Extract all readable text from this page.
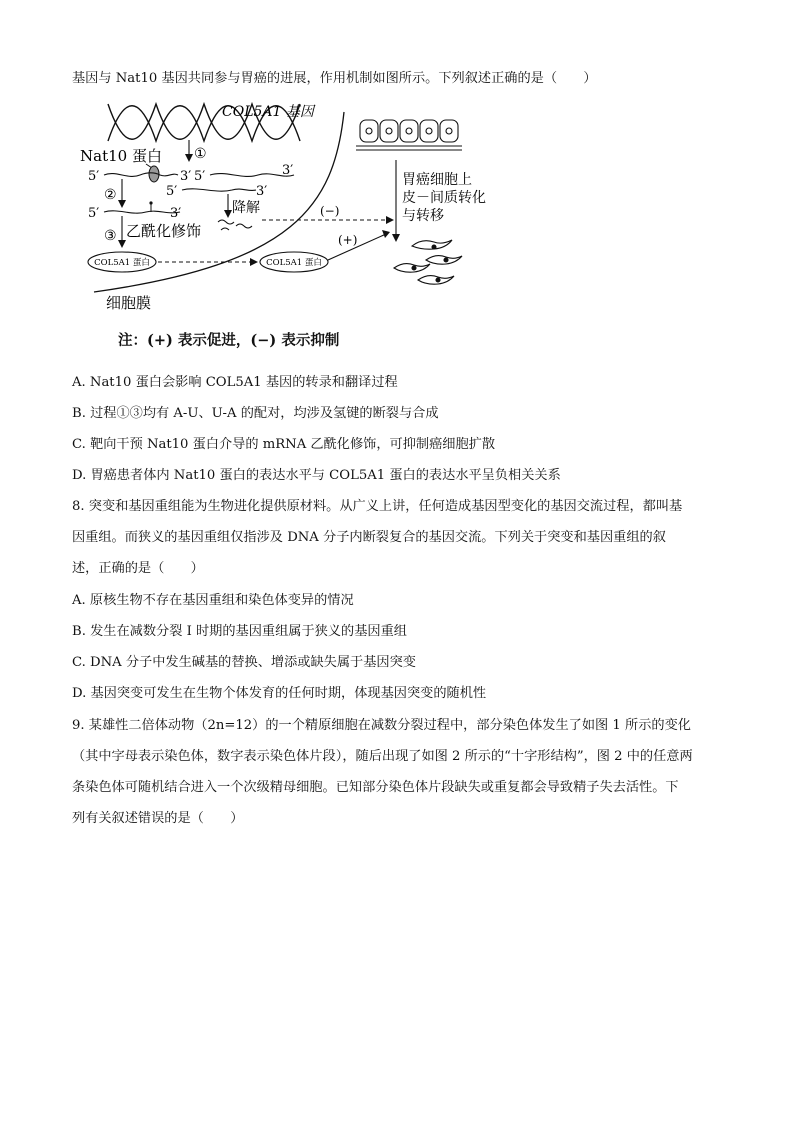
基因与 Nat10 基因共同参与胃癌的进展，作用机制如图所示。下列叙述正确的是（　　）
COL5A1 基因
细胞膜
Nat10 蛋白 ①
5′	3′ 5′	3′
②	5′	3′
降解
5′	3′
③ 乙酰化修饰
(−)
COL5A1 蛋白	COL5A1 蛋白
(+)
胃癌细胞上
皮－间质转化
与转移
注：(+) 表示促进，(−) 表示抑制
A. Nat10 蛋白会影响 COL5A1 基因的转录和翻译过程
B. 过程①③均有 A-U、U-A 的配对，均涉及氢键的断裂与合成
C. 靶向干预 Nat10 蛋白介导的 mRNA 乙酰化修饰，可抑制癌细胞扩散
D. 胃癌患者体内 Nat10 蛋白的表达水平与 COL5A1 蛋白的表达水平呈负相关关系
8. 突变和基因重组能为生物进化提供原材料。从广义上讲，任何造成基因型变化的基因交流过程，都叫基
因重组。而狭义的基因重组仅指涉及 DNA 分子内断裂复合的基因交流。下列关于突变和基因重组的叙
述，正确的是（　　）
A. 原核生物不存在基因重组和染色体变异的情况
B. 发生在减数分裂 I 时期的基因重组属于狭义的基因重组
C. DNA 分子中发生碱基的替换、增添或缺失属于基因突变
D. 基因突变可发生在生物个体发育的任何时期，体现基因突变的随机性
9. 某雄性二倍体动物（2n=12）的一个精原细胞在减数分裂过程中，部分染色体发生了如图 1 所示的变化
（其中字母表示染色体，数字表示染色体片段），随后出现了如图 2 所示的“十字形结构”，图 2 中的任意两
条染色体可随机结合进入一个次级精母细胞。已知部分染色体片段缺失或重复都会导致精子失去活性。下
列有关叙述错误的是（　　）
